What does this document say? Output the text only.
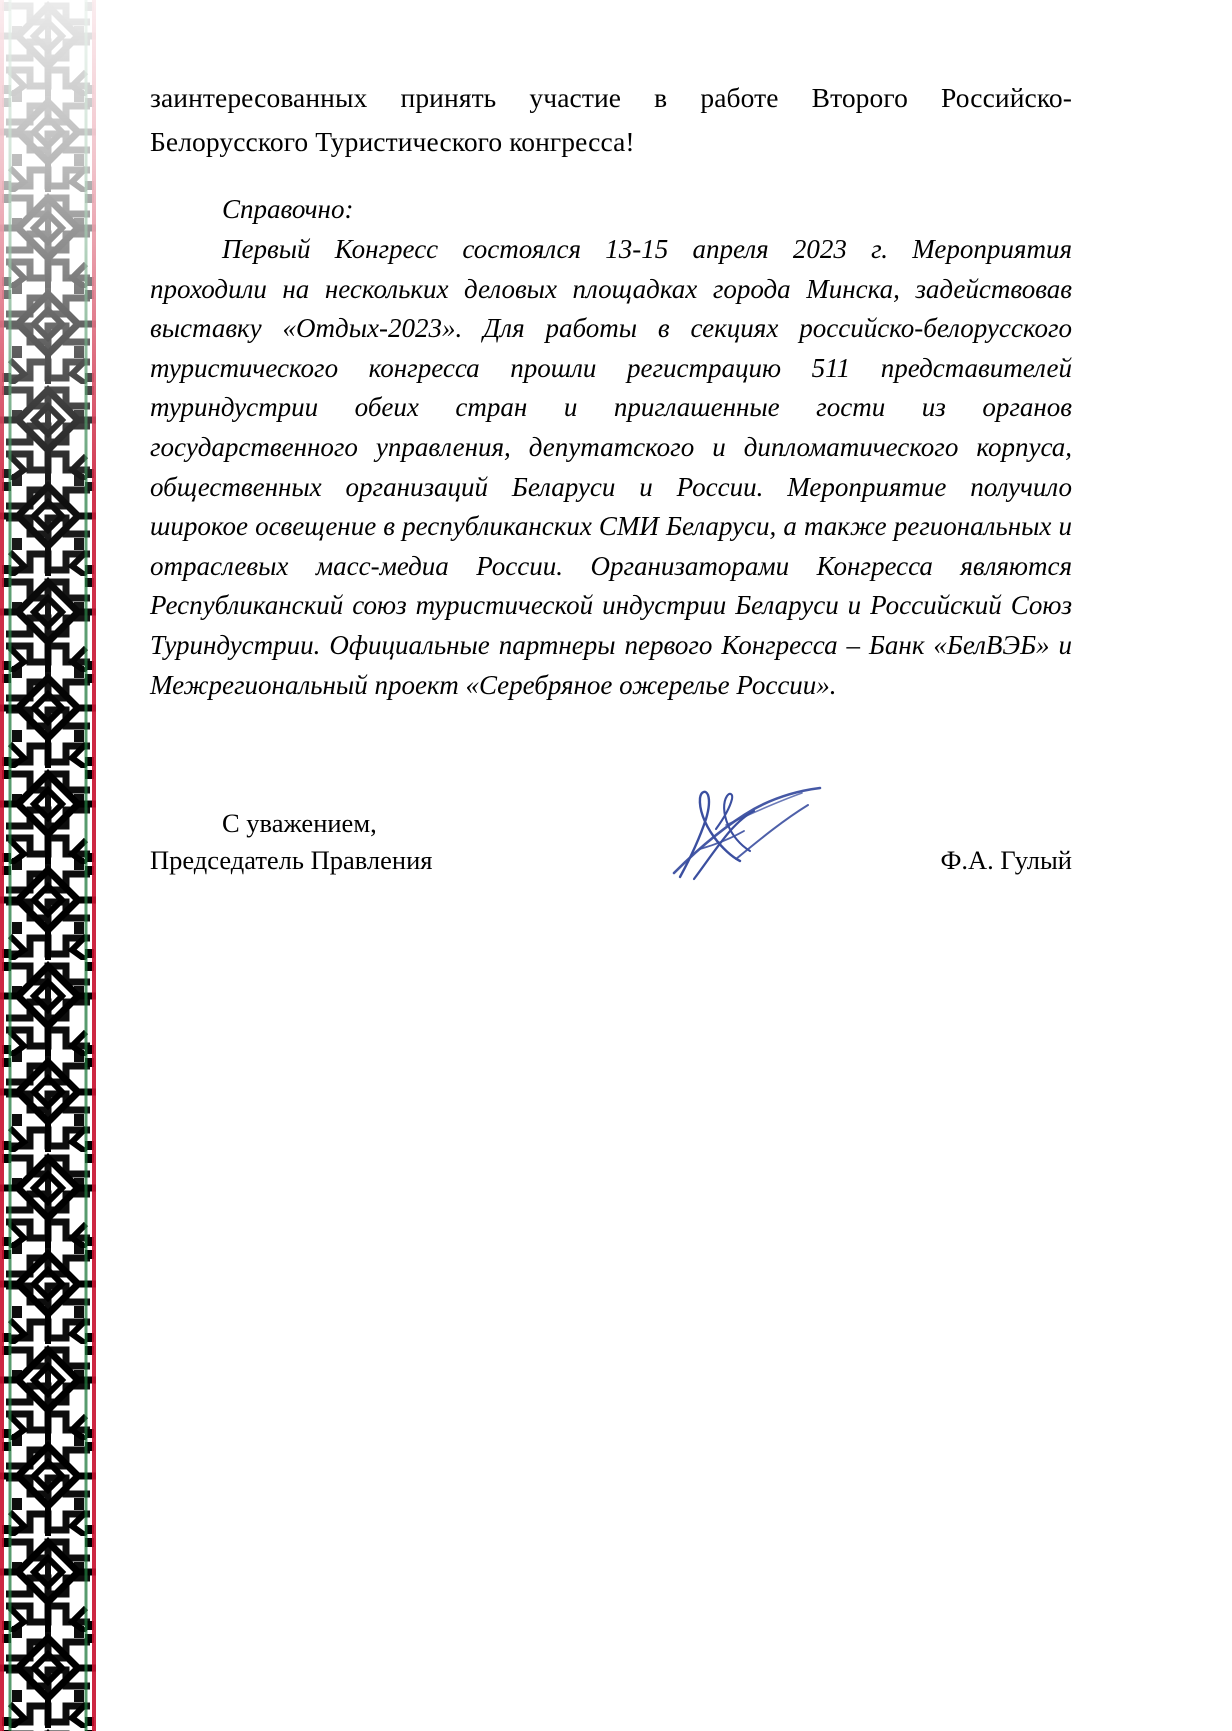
заинтересованных принять участие в работе Второго Российско-Белорусского Туристического конгресса!

Справочно:

Первый Конгресс состоялся 13-15 апреля 2023 г. Мероприятия проходили на нескольких деловых площадках города Минска, задействовав выставку «Отдых-2023». Для работы в секциях российско-белорусского туристического конгресса прошли регистрацию 511 представителей туриндустрии обеих стран и приглашенные гости из органов государственного управления, депутатского и дипломатического корпуса, общественных организаций Беларуси и России. Мероприятие получило широкое освещение в республиканских СМИ Беларуси, а также региональных и отраслевых масс-медиа России. Организаторами Конгресса являются Республиканский союз туристической индустрии Беларуси и Российский Союз Туриндустрии. Официальные партнеры первого Конгресса – Банк «БелВЭБ» и Межрегиональный проект «Серебряное ожерелье России».

С уважением,
Председатель Правления	Ф.А. Гулый
